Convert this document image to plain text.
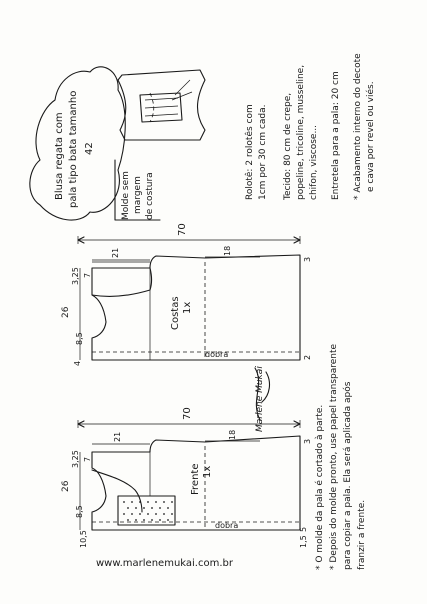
Blusa regata com pala tipo bata tamanho 42
Molde sem margem de costura	Rolotê: 2 rolotês com 1cm por 30 cm cada. Tecido: 80 cm de crepe, popeline, tricoline, musseline, chifon, viscose... Entretela para a pala: 20 cm * Acabamento interno do decote e cava por revel ou viés.
70
dobra
21	18
3
3,25 7
26
8,5
4
2
Costas 1x
Marlene Mukai
* O molde da pala é cortado à parte. * Depois do molde pronto, use papel transparente para copiar a pala. Ela será aplicada após franzir a frente.
70
dobra
21	18
3
3,25 7
26
8,5
10,5	1,5
5
Frente 1x
www.marlenemukai.com.br
